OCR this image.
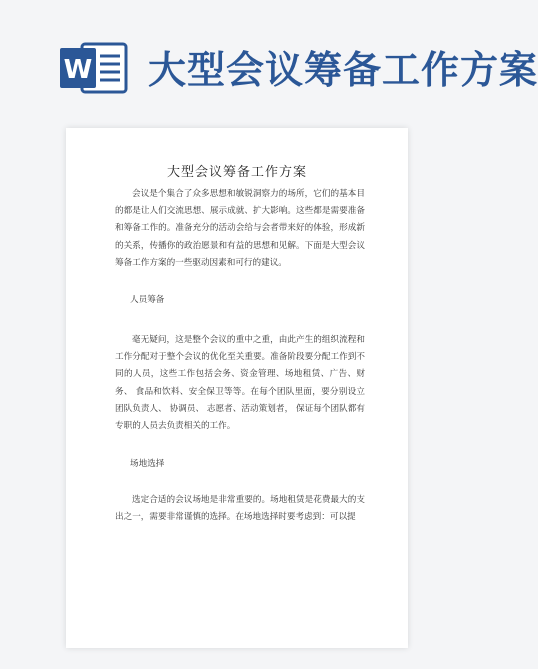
W 大型会议筹备工作方案
大型会议筹备工作方案

会议是个集合了众多思想和敏锐洞察力的场所，它们的基本目的都是让人们交流思想、展示成就、扩大影响。这些都是需要准备和筹备工作的。准备充分的活动会给与会者带来好的体验，形成新的关系，传播你的政治愿景和有益的思想和见解。下面是大型会议筹备工作方案的一些驱动因素和可行的建议。

人员筹备

毫无疑问，这是整个会议的重中之重，由此产生的组织流程和工作分配对于整个会议的优化至关重要。准备阶段要分配工作到不同的人员，这些工作包括会务、资金管理、场地租赁、广告、财务、 食品和饮料、安全保卫等等。在每个团队里面，要分别设立团队负责人、 协调员、 志愿者、活动策划者， 保证每个团队都有专职的人员去负责相关的工作。

场地选择

选定合适的会议场地是非常重要的。场地租赁是花费最大的支出之一，需要非常谨慎的选择。在场地选择时要考虑到：可以提
